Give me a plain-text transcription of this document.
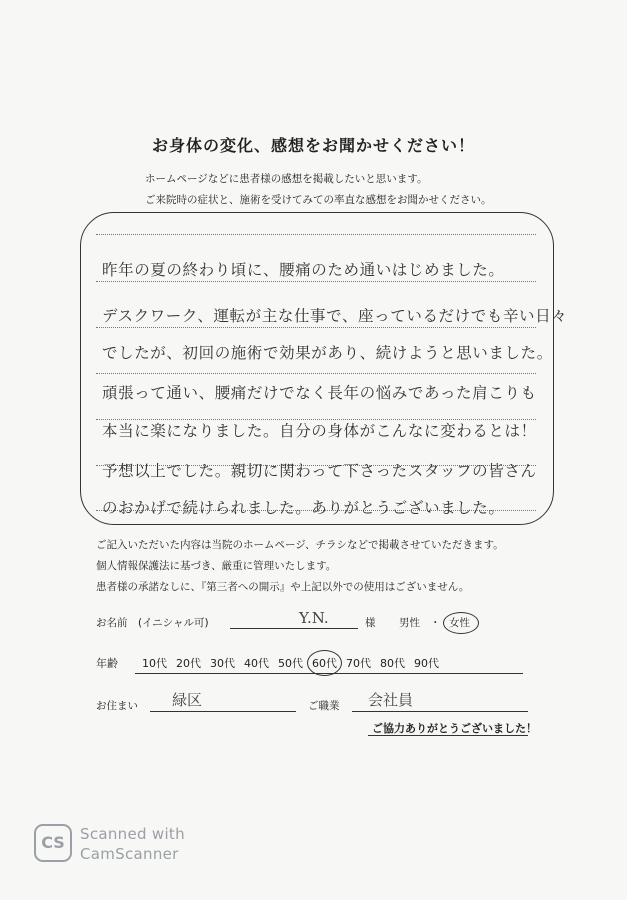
お身体の変化、感想をお聞かせください！
ホームページなどに患者様の感想を掲載したいと思います。
ご来院時の症状と、施術を受けてみての率直な感想をお聞かせください。
昨年の夏の終わり頃に、腰痛のため通いはじめました。
デスクワーク、運転が主な仕事で、座っているだけでも辛い日々
でしたが、初回の施術で効果があり、続けようと思いました。
頑張って通い、腰痛だけでなく長年の悩みであった肩こりも
本当に楽になりました。自分の身体がこんなに変わるとは！
予想以上でした。親切に関わって下さったスタッフの皆さん
のおかげで続けられました。ありがとうございました。
ご記入いただいた内容は当院のホームページ、チラシなどで掲載させていただきます。
個人情報保護法に基づき、厳重に管理いたします。
患者様の承諾なしに、『第三者への開示』や上記以外での使用はございません。
お名前　(イニシャル可)	Y.N.	様 男性 ・ 女性
年齢 10代 20代 30代 40代 50代 60代 70代 80代 90代
お住まい 緑区	ご職業 会社員
ご協力ありがとうございました！
CS	Scanned with
CamScanner
